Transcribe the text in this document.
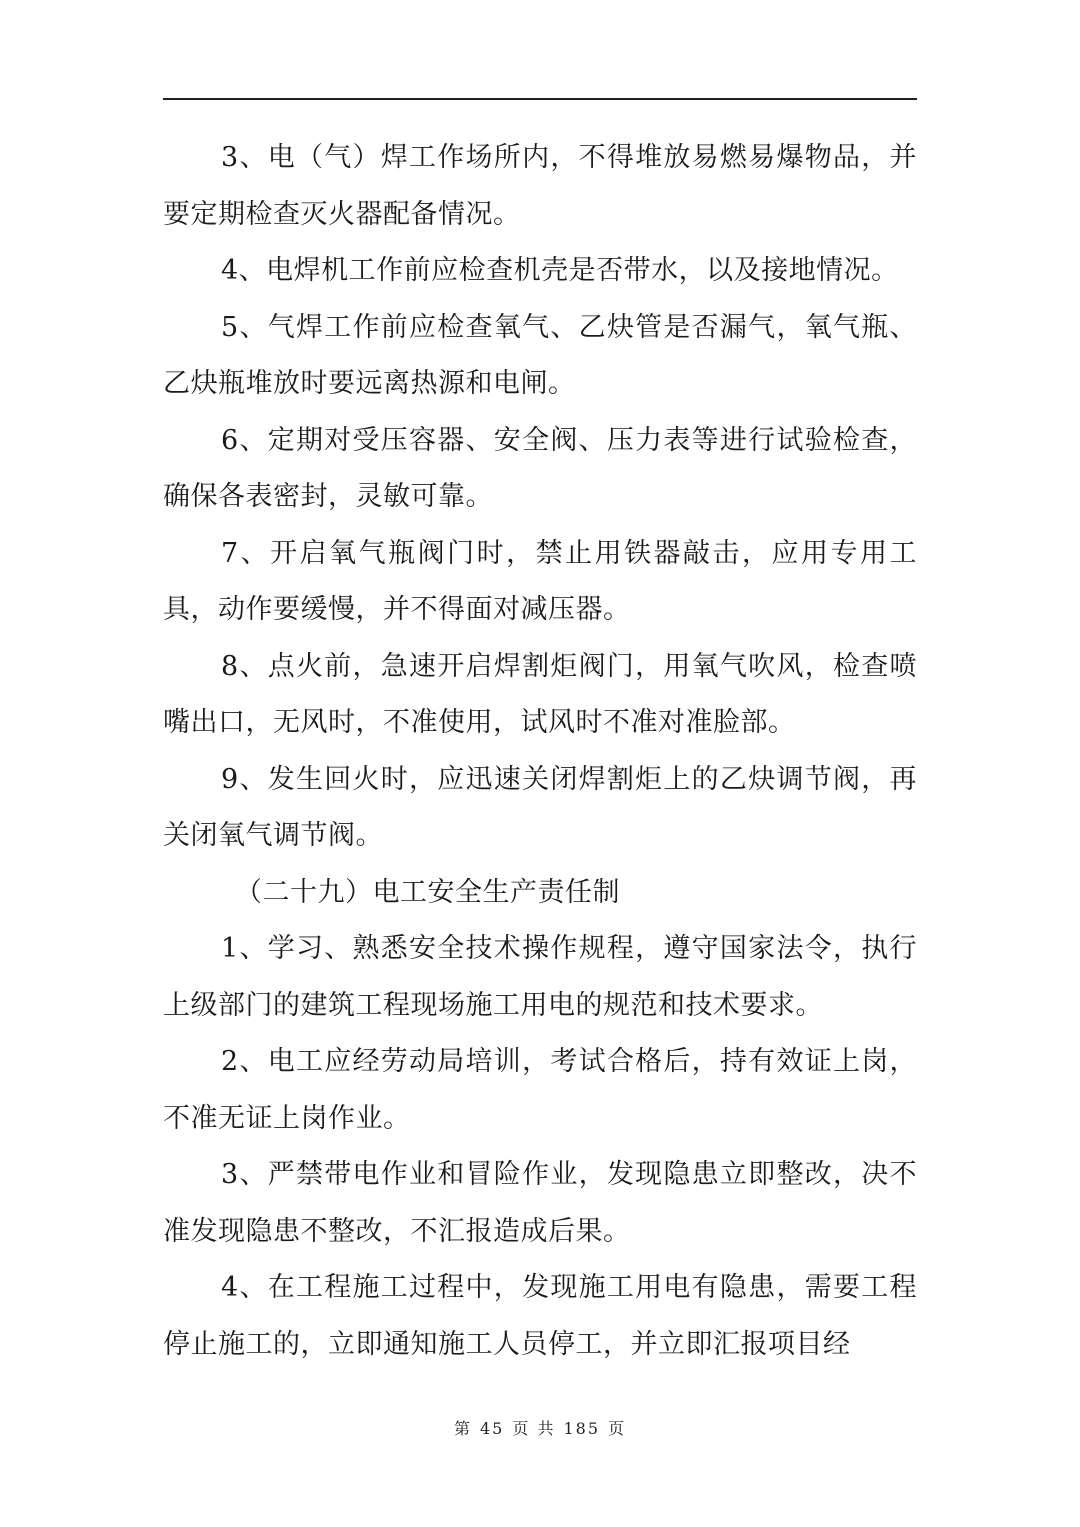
3、电（气）焊工作场所内，不得堆放易燃易爆物品，并要定期检查灭火器配备情况。

4、电焊机工作前应检查机壳是否带水，以及接地情况。

5、气焊工作前应检查氧气、乙炔管是否漏气，氧气瓶、乙炔瓶堆放时要远离热源和电闸。

6、定期对受压容器、安全阀、压力表等进行试验检查，确保各表密封，灵敏可靠。

7、开启氧气瓶阀门时，禁止用铁器敲击，应用专用工具，动作要缓慢，并不得面对减压器。

8、点火前，急速开启焊割炬阀门，用氧气吹风，检查喷嘴出口，无风时，不准使用，试风时不准对准脸部。

9、发生回火时，应迅速关闭焊割炬上的乙炔调节阀，再关闭氧气调节阀。

（二十九）电工安全生产责任制

1、学习、熟悉安全技术操作规程，遵守国家法令，执行上级部门的建筑工程现场施工用电的规范和技术要求。

2、电工应经劳动局培训，考试合格后，持有效证上岗，不准无证上岗作业。

3、严禁带电作业和冒险作业，发现隐患立即整改，决不准发现隐患不整改，不汇报造成后果。

4、在工程施工过程中，发现施工用电有隐患，需要工程停止施工的，立即通知施工人员停工，并立即汇报项目经

第 45 页 共 185 页
